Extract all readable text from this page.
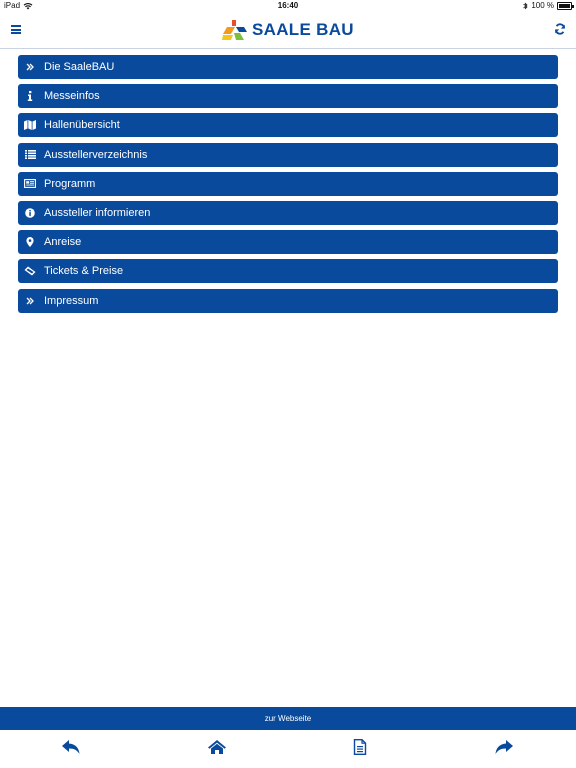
iPad	16:40	100 %
SAALE BAU
Die SaaleBAU
Messeinfos
Hallenübersicht
Ausstellerverzeichnis
Programm
Aussteller informieren
Anreise
Tickets & Preise
Impressum
zur Webseite
